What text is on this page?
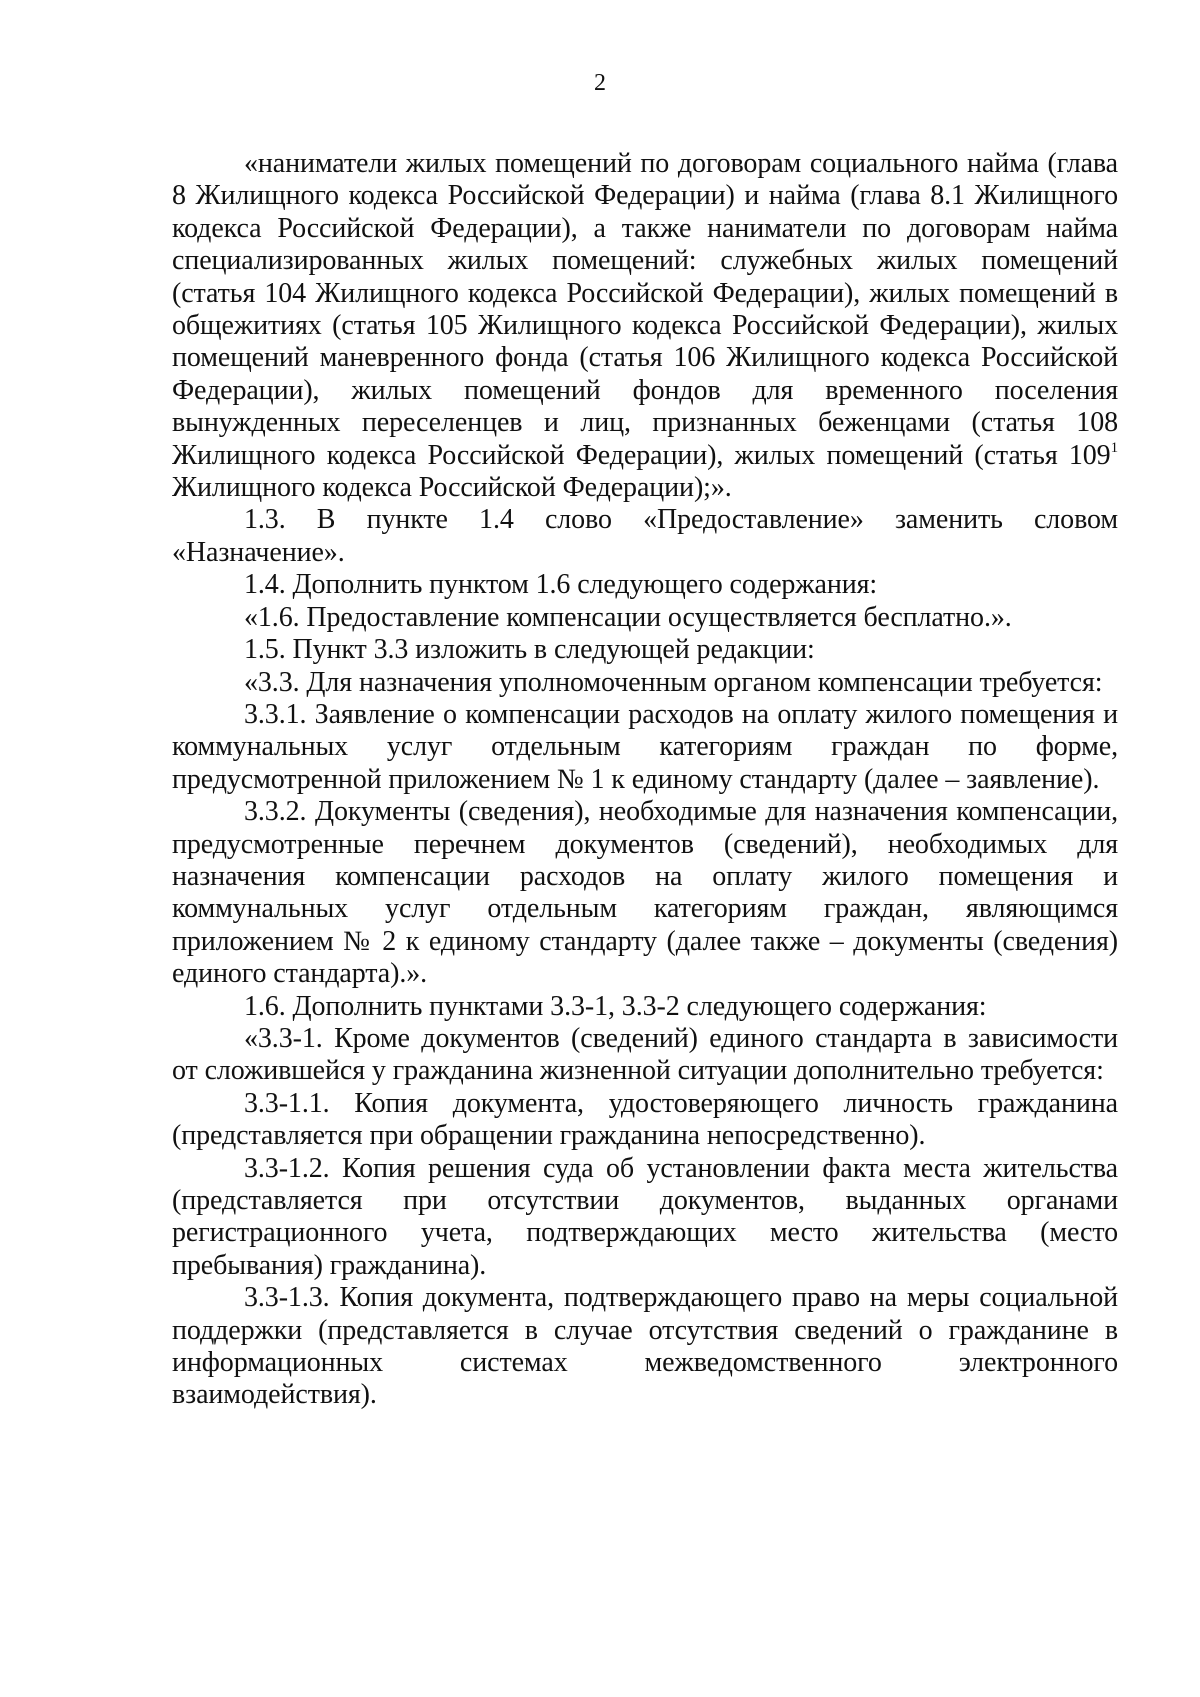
2

«наниматели жилых помещений по договорам социального найма (глава 8 Жилищного кодекса Российской Федерации) и найма (глава 8.1 Жилищного кодекса Российской Федерации), а также наниматели по договорам найма специализированных жилых помещений: служебных жилых помещений (статья 104 Жилищного кодекса Российской Федерации), жилых помещений в общежитиях (статья 105 Жилищного кодекса Российской Федерации), жилых помещений маневренного фонда (статья 106 Жилищного кодекса Российской Федерации), жилых помещений фондов для временного поселения вынужденных переселенцев и лиц, признанных беженцами (статья 108 Жилищного кодекса Российской Федерации), жилых помещений (статья $109^1$ Жилищного кодекса Российской Федерации);».

1.3. В пункте 1.4 слово «Предоставление» заменить словом «Назначение».

1.4. Дополнить пунктом 1.6 следующего содержания:

«1.6. Предоставление компенсации осуществляется бесплатно.».

1.5. Пункт 3.3 изложить в следующей редакции:

«3.3. Для назначения уполномоченным органом компенсации требуется:

3.3.1. Заявление о компенсации расходов на оплату жилого помещения и коммунальных услуг отдельным категориям граждан по форме, предусмотренной приложением № 1 к единому стандарту (далее – заявление).

3.3.2. Документы (сведения), необходимые для назначения компенсации, предусмотренные перечнем документов (сведений), необходимых для назначения компенсации расходов на оплату жилого помещения и коммунальных услуг отдельным категориям граждан, являющимся приложением № 2 к единому стандарту (далее также – документы (сведения) единого стандарта).».

1.6. Дополнить пунктами 3.3-1, 3.3-2 следующего содержания:

«3.3-1. Кроме документов (сведений) единого стандарта в зависимости от сложившейся у гражданина жизненной ситуации дополнительно требуется:

3.3-1.1. Копия документа, удостоверяющего личность гражданина (представляется при обращении гражданина непосредственно).

3.3-1.2. Копия решения суда об установлении факта места жительства (представляется при отсутствии документов, выданных органами регистрационного учета, подтверждающих место жительства (место пребывания) гражданина).

3.3-1.3. Копия документа, подтверждающего право на меры социальной поддержки (представляется в случае отсутствия сведений о гражданине в информационных системах межведомственного электронного взаимодействия).
